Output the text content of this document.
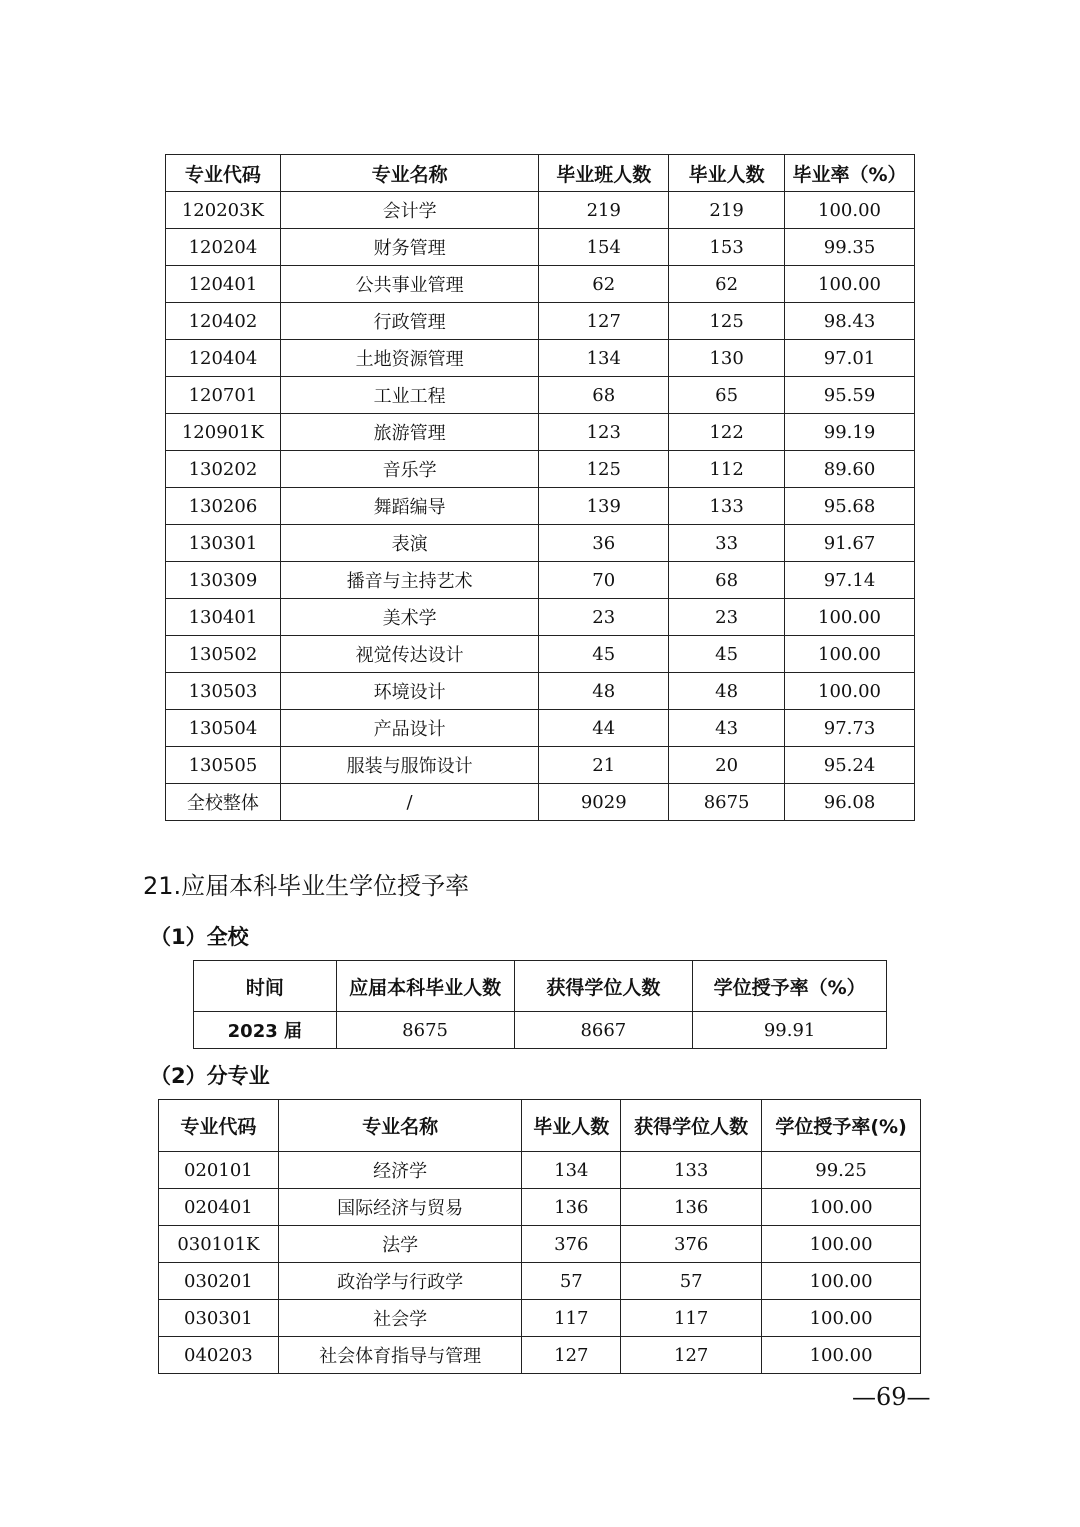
专业代码	专业名称	毕业班人数	毕业人数	毕业率（%）
120203K	会计学	219	219	100.00
120204	财务管理	154	153	99.35
120401	公共事业管理	62	62	100.00
120402	行政管理	127	125	98.43
120404	土地资源管理	134	130	97.01
120701	工业工程	68	65	95.59
120901K	旅游管理	123	122	99.19
130202	音乐学	125	112	89.60
130206	舞蹈编导	139	133	95.68
130301	表演	36	33	91.67
130309	播音与主持艺术	70	68	97.14
130401	美术学	23	23	100.00
130502	视觉传达设计	45	45	100.00
130503	环境设计	48	48	100.00
130504	产品设计	44	43	97.73
130505	服装与服饰设计	21	20	95.24
全校整体	/	9029	8675	96.08
21.应届本科毕业生学位授予率
（1）全校
时间	应届本科毕业人数	获得学位人数	学位授予率（%）
2023 届	8675	8667	99.91
（2）分专业
专业代码	专业名称	毕业人数	获得学位人数	学位授予率(%)
020101	经济学	134	133	99.25
020401	国际经济与贸易	136	136	100.00
030101K	法学	376	376	100.00
030201	政治学与行政学	57	57	100.00
030301	社会学	117	117	100.00
040203	社会体育指导与管理	127	127	100.00
—69—
